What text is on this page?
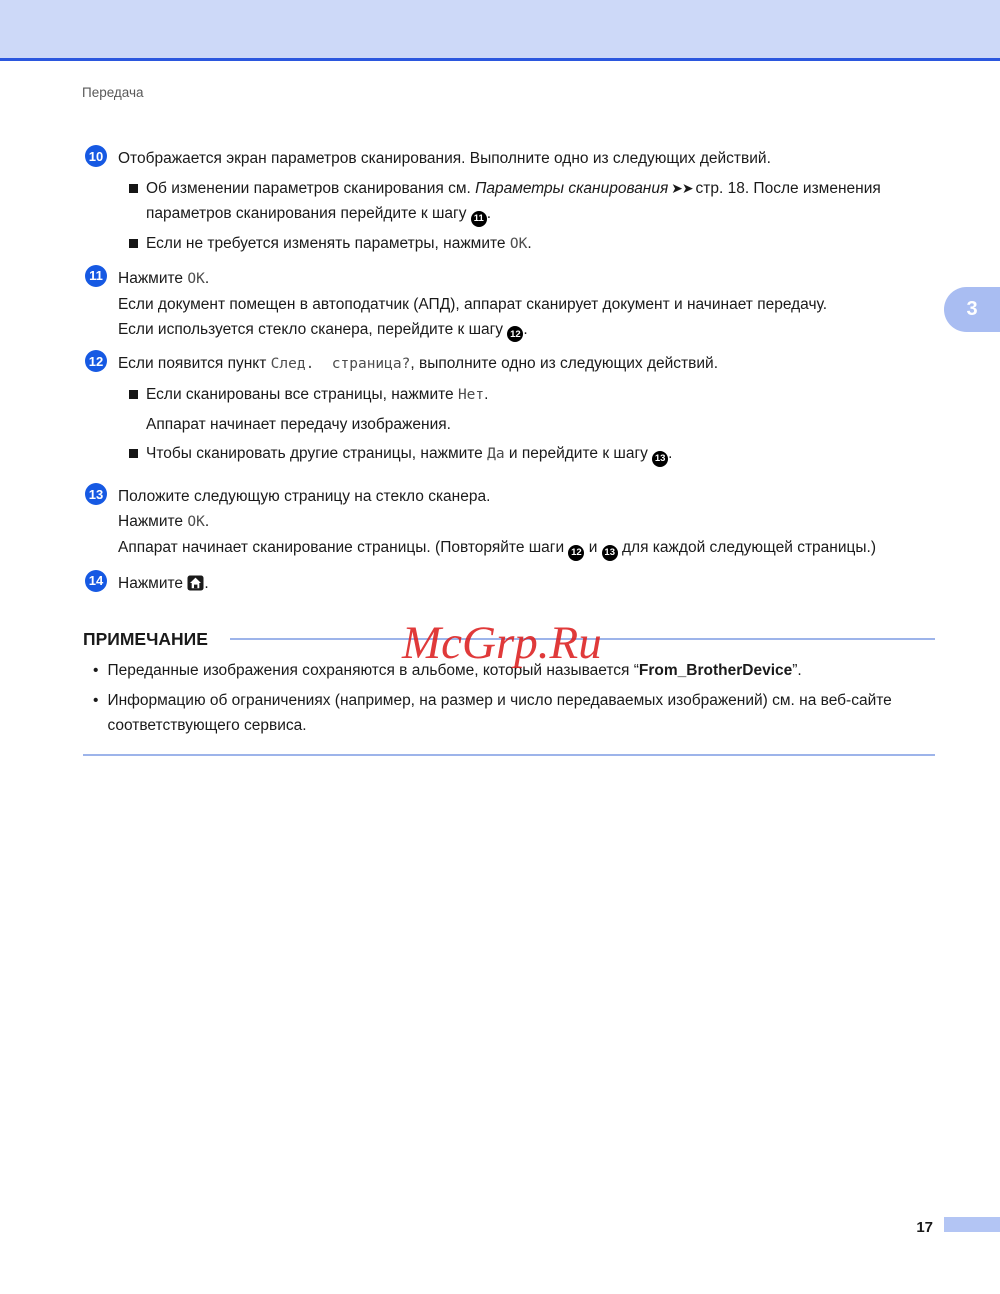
Передача
10 Отображается экран параметров сканирования. Выполните одно из следующих действий.
Об изменении параметров сканирования см. Параметры сканирования ➤➤ стр. 18. После изменения параметров сканирования перейдите к шагу 11 .
Если не требуется изменять параметры, нажмите OK.
11 Нажмите OK.
Если документ помещен в автоподатчик (АПД), аппарат сканирует документ и начинает передачу.
Если используется стекло сканера, перейдите к шагу 12 .
12 Если появится пункт След.  страница?, выполните одно из следующих действий.
Если сканированы все страницы, нажмите Нет.
Аппарат начинает передачу изображения.
Чтобы сканировать другие страницы, нажмите Да и перейдите к шагу 13 .
13 Положите следующую страницу на стекло сканера.
Нажмите OK.
Аппарат начинает сканирование страницы. (Повторяйте шаги 12 и 13 для каждой следующей страницы.)
14 Нажмите .
ПРИМЕЧАНИЕ
• Переданные изображения сохраняются в альбоме, который называется “From_BrotherDevice”.
• Информацию об ограничениях (например, на размер и число передаваемых изображений) см. на веб-сайте соответствующего сервиса.
3
McGrp.Ru
17
